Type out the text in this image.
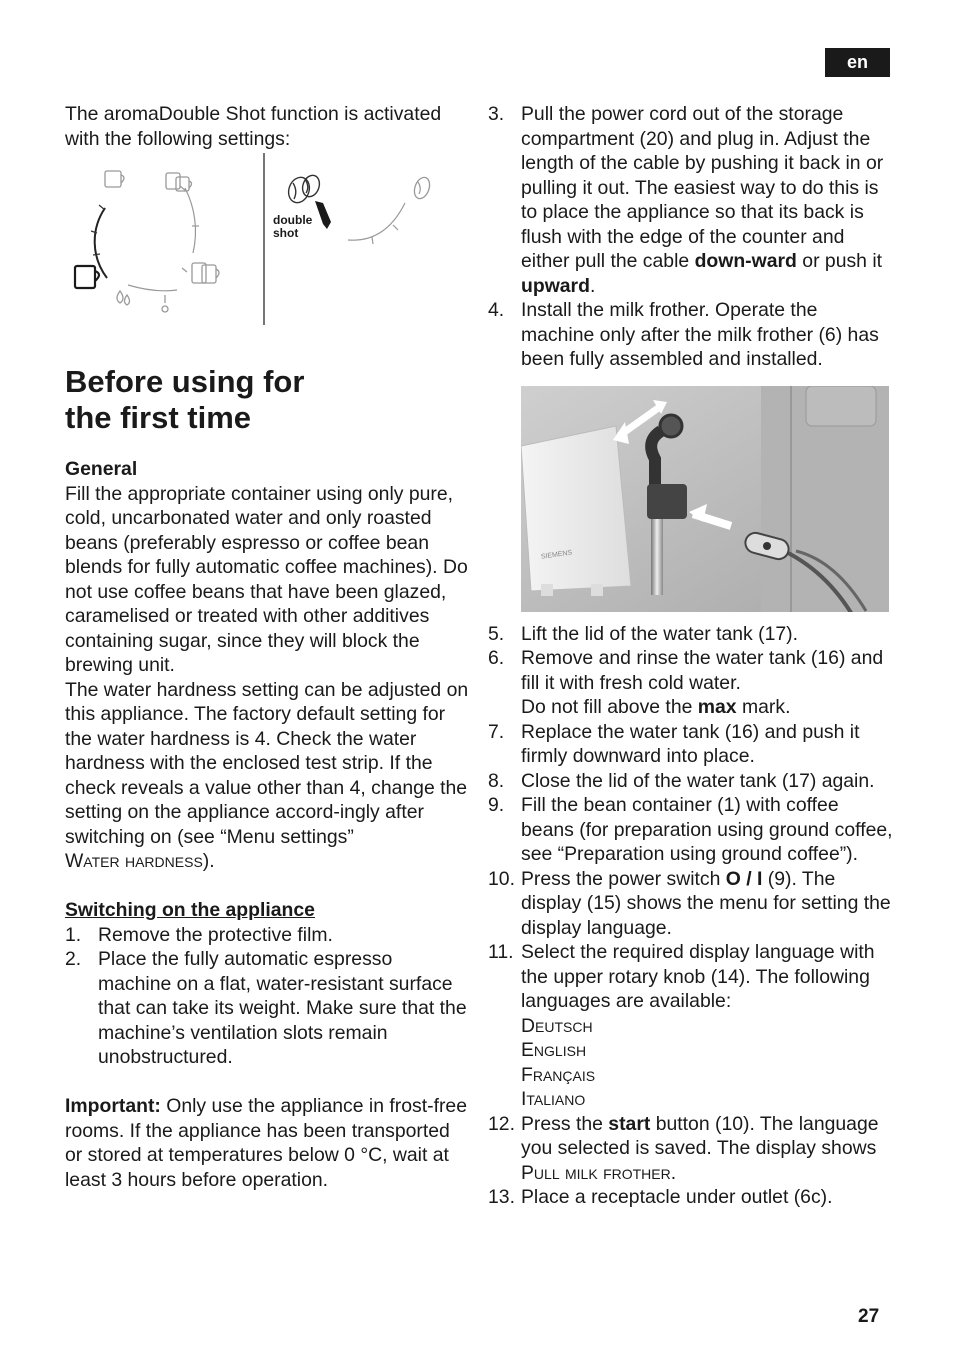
en

The aromaDouble Shot function is activated with the following settings:

double
shot
Before using for
the first time

General

Fill the appropriate container using only pure, cold, uncarbonated water and only roasted beans (preferably espresso or coffee bean blends for fully automatic coffee machines). Do not use coffee beans that have been glazed, caramelised or treated with other additives containing sugar, since they will block the brewing unit.

The water hardness setting can be adjusted on this appliance. The factory default setting for the water hardness is 4. Check the water hardness with the enclosed test strip. If the check reveals a value other than 4, change the setting on the appliance accord-ingly after switching on (see “Menu settings”
Water hardness).

Switching on the appliance

1. Remove the protective film.
2. Place the fully automatic espresso machine on a flat, water-resistant surface that can take its weight. Make sure that the machine’s ventilation slots remain unobstructured.

Important: Only use the appliance in frost-free rooms. If the appliance has been transported or stored at temperatures below 0 °C, wait at least 3 hours before operation.

3. Pull the power cord out of the storage compartment (20) and plug in. Adjust the length of the cable by pushing it back in or pulling it out. The easiest way to do this is to place the appliance so that its back is flush with the edge of the counter and either pull the cable down-ward or push it upward.
4. Install the milk frother. Operate the machine only after the milk frother (6) has been fully assembled and installed.
SIEMENS
5. Lift the lid of the water tank (17).
6. Remove and rinse the water tank (16) and fill it with fresh cold water.
Do not fill above the max mark.
7. Replace the water tank (16) and push it firmly downward into place.
8. Close the lid of the water tank (17) again.
9. Fill the bean container (1) with coffee beans (for preparation using ground coffee, see “Preparation using ground coffee”).
10. Press the power switch O / I (9). The display (15) shows the menu for setting the display language.
11. Select the required display language with the upper rotary knob (14). The following languages are available:
Deutsch
English
Français
Italiano
12. Press the start button (10). The language you selected is saved. The display shows Pull milk frother.
13. Place a receptacle under outlet (6c).
27
